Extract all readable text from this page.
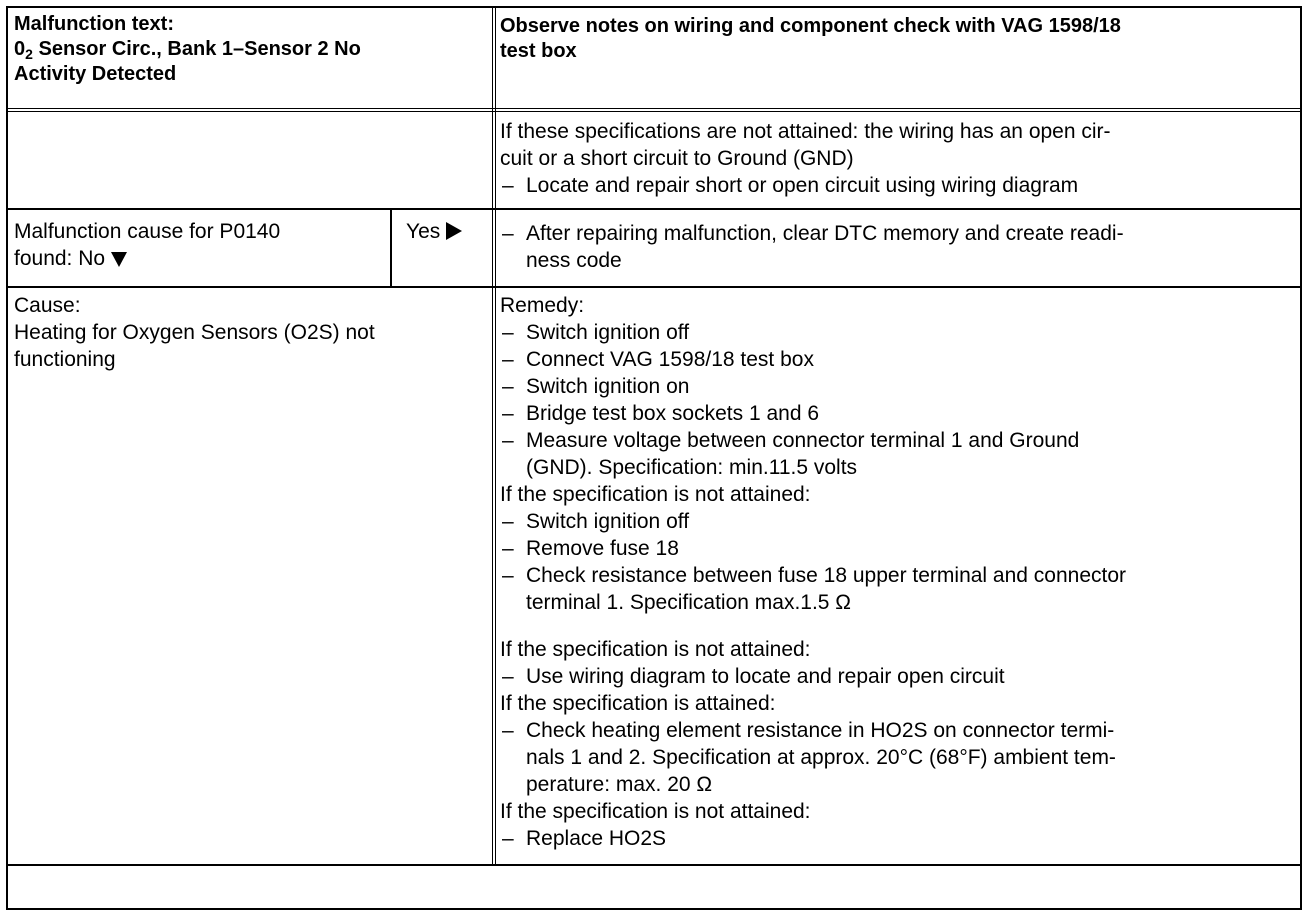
Malfunction text:
$0_2$ Sensor Circ., Bank 1–Sensor 2 No
Activity Detected
Observe notes on wiring and component check with VAG 1598/18
test box
If these specifications are not attained: the wiring has an open cir-
cuit or a short circuit to Ground (GND)
– Locate and repair short or open circuit using wiring diagram
Malfunction cause for P0140
found: No
Yes
–	After repairing malfunction, clear DTC memory and create readi-
ness code
Cause:
Heating for Oxygen Sensors (O2S) not
functioning
Remedy:
– Switch ignition off
– Connect VAG 1598/18 test box
– Switch ignition on
– Bridge test box sockets 1 and 6
– Measure voltage between connector terminal 1 and Ground
(GND). Specification: min.11.5 volts
If the specification is not attained:
– Switch ignition off
– Remove fuse 18
– Check resistance between fuse 18 upper terminal and connector
terminal 1. Specification max.1.5 Ω
If the specification is not attained:
– Use wiring diagram to locate and repair open circuit
If the specification is attained:
– Check heating element resistance in HO2S on connector termi-
nals 1 and 2. Specification at approx. 20°C (68°F) ambient tem-
perature: max. 20 Ω
If the specification is not attained:
– Replace HO2S
